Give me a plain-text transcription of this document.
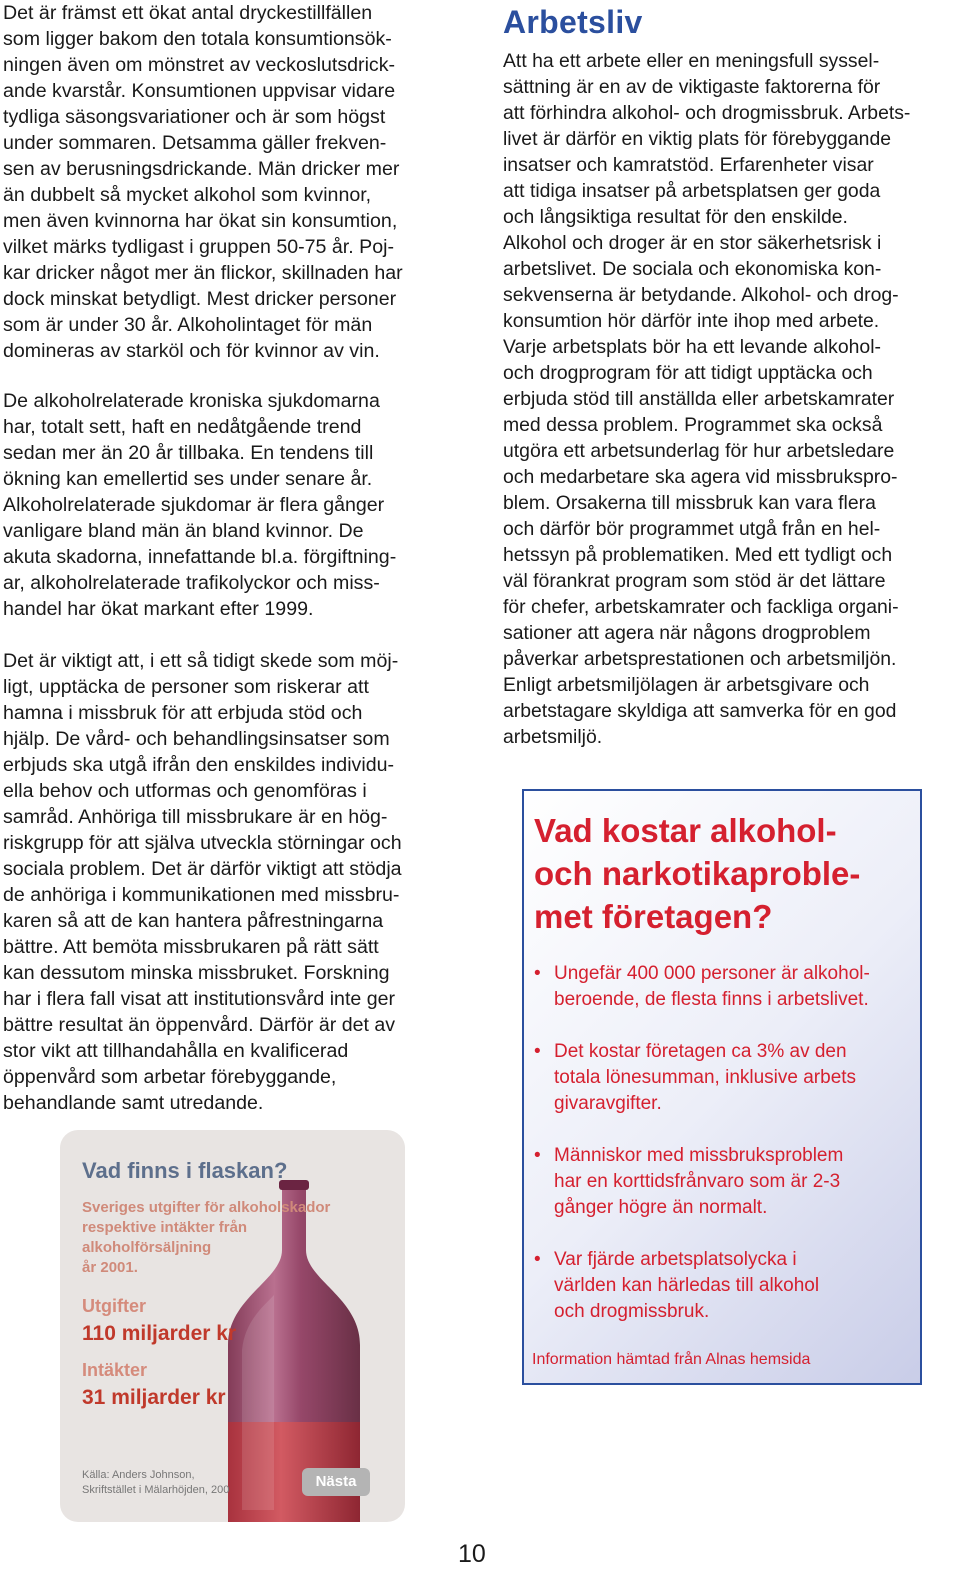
Det är främst ett ökat antal dryckestillfällen
som ligger bakom den totala konsumtionsök-
ningen även om mönstret av veckoslutsdrick-
ande kvarstår. Konsumtionen uppvisar vidare
tydliga säsongsvariationer och är som högst
under sommaren. Detsamma gäller frekven-
sen av berusningsdrickande. Män dricker mer
än dubbelt så mycket alkohol som kvinnor,
men även kvinnorna har ökat sin konsumtion,
vilket märks tydligast i gruppen 50-75 år. Poj-
kar dricker något mer än flickor, skillnaden har
dock minskat betydligt. Mest dricker personer
som är under 30 år. Alkoholintaget för män
domineras av starköl och för kvinnor av vin.

De alkoholrelaterade kroniska sjukdomarna
har, totalt sett, haft en nedåtgående trend
sedan mer än 20 år tillbaka. En tendens till
ökning kan emellertid ses under senare år.
Alkoholrelaterade sjukdomar är flera gånger
vanligare bland män än bland kvinnor. De
akuta skadorna, innefattande bl.a. förgiftning-
ar, alkoholrelaterade trafikolyckor och miss-
handel har ökat markant efter 1999.

Det är viktigt att, i ett så tidigt skede som möj-
ligt, upptäcka de personer som riskerar att
hamna i missbruk för att erbjuda stöd och
hjälp. De vård- och behandlingsinsatser som
erbjuds ska utgå ifrån den enskildes individu-
ella behov och utformas och genomföras i
samråd. Anhöriga till missbrukare är en hög-
riskgrupp för att själva utveckla störningar och
sociala problem. Det är därför viktigt att stödja
de anhöriga i kommunikationen med missbru-
karen så att de kan hantera påfrestningarna
bättre. Att bemöta missbrukaren på rätt sätt
kan dessutom minska missbruket. Forskning
har i flera fall visat att institutionsvård inte ger
bättre resultat än öppenvård. Därför är det av
stor vikt att tillhandahålla en kvalificerad
öppenvård som arbetar förebyggande,
behandlande samt utredande.

Vad finns i flaskan?
Sveriges utgifter för alkoholskador
respektive intäkter från
alkoholförsäljning
år 2001.
Utgifter
110 miljarder kr
Intäkter
31 miljarder kr
Källa: Anders Johnson,
Skriftstället i Mälarhöjden, 200	Nästa
Arbetsliv

Att ha ett arbete eller en meningsfull syssel-
sättning är en av de viktigaste faktorerna för
att förhindra alkohol- och drogmissbruk. Arbets-
livet är därför en viktig plats för förebyggande
insatser och kamratstöd. Erfarenheter visar
att tidiga insatser på arbetsplatsen ger goda
och långsiktiga resultat för den enskilde.

Alkohol och droger är en stor säkerhetsrisk i
arbetslivet. De sociala och ekonomiska kon-
sekvenserna är betydande. Alkohol- och drog-
konsumtion hör därför inte ihop med arbete.
Varje arbetsplats bör ha ett levande alkohol-
och drogprogram för att tidigt upptäcka och
erbjuda stöd till anställda eller arbetskamrater
med dessa problem. Programmet ska också
utgöra ett arbetsunderlag för hur arbetsledare
och medarbetare ska agera vid missbrukspro-
blem. Orsakerna till missbruk kan vara flera
och därför bör programmet utgå från en hel-
hetssyn på problematiken. Med ett tydligt och
väl förankrat program som stöd är det lättare
för chefer, arbetskamrater och fackliga organi-
sationer att agera när någons drogproblem
påverkar arbetsprestationen och arbetsmiljön.
Enligt arbetsmiljölagen är arbetsgivare och
arbetstagare skyldiga att samverka för en god
arbetsmiljö.

Vad kostar alkohol-
och narkotikaproble-
met företagen?
• Ungefär 400 000 personer är alkohol-
beroende, de flesta finns i arbetslivet.
• Det kostar företagen ca 3% av den
totala lönesumman, inklusive arbets
givaravgifter.
• Människor med missbruksproblem
har en korttidsfrånvaro som är 2-3
gånger högre än normalt.
• Var fjärde arbetsplatsolycka i
världen kan härledas till alkohol
och drogmissbruk.
Information hämtad från Alnas hemsida
10
